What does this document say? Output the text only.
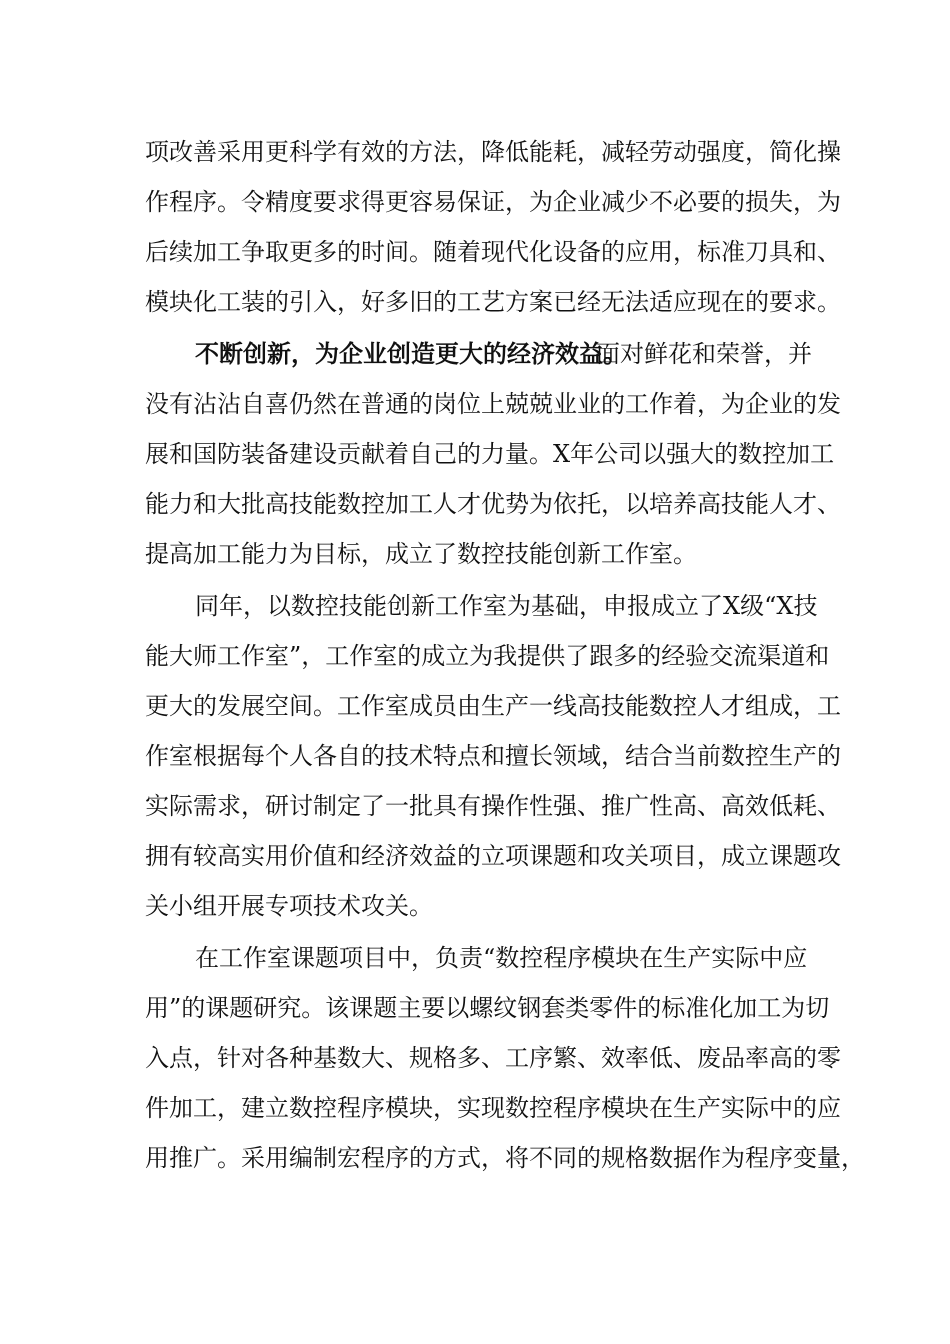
项改善采用更科学有效的方法，降低能耗，减轻劳动强度，简化操
作程序。令精度要求得更容易保证，为企业减少不必要的损失，为
后续加工争取更多的时间。随着现代化设备的应用，标准刀具和、
模块化工装的引入，好多旧的工艺方案已经无法适应现在的要求。
不断创新，为企业创造更大的经济效益。
面对鲜花和荣誉，并
没有沾沾自喜仍然在普通的岗位上兢兢业业的工作着，为企业的发
展和国防装备建设贡献着自己的力量。X年公司以强大的数控加工
能力和大批高技能数控加工人才优势为依托，以培养高技能人才、
提高加工能力为目标，成立了数控技能创新工作室。
同年，以数控技能创新工作室为基础，申报成立了X级“X技
能大师工作室”，工作室的成立为我提供了跟多的经验交流渠道和
更大的发展空间。工作室成员由生产一线高技能数控人才组成，工
作室根据每个人各自的技术特点和擅长领域，结合当前数控生产的
实际需求，研讨制定了一批具有操作性强、推广性高、高效低耗、
拥有较高实用价值和经济效益的立项课题和攻关项目，成立课题攻
关小组开展专项技术攻关。
在工作室课题项目中，负责“数控程序模块在生产实际中应
用”的课题研究。该课题主要以螺纹钢套类零件的标准化加工为切
入点，针对各种基数大、规格多、工序繁、效率低、废品率高的零
件加工，建立数控程序模块，实现数控程序模块在生产实际中的应
用推广。采用编制宏程序的方式，将不同的规格数据作为程序变量，
